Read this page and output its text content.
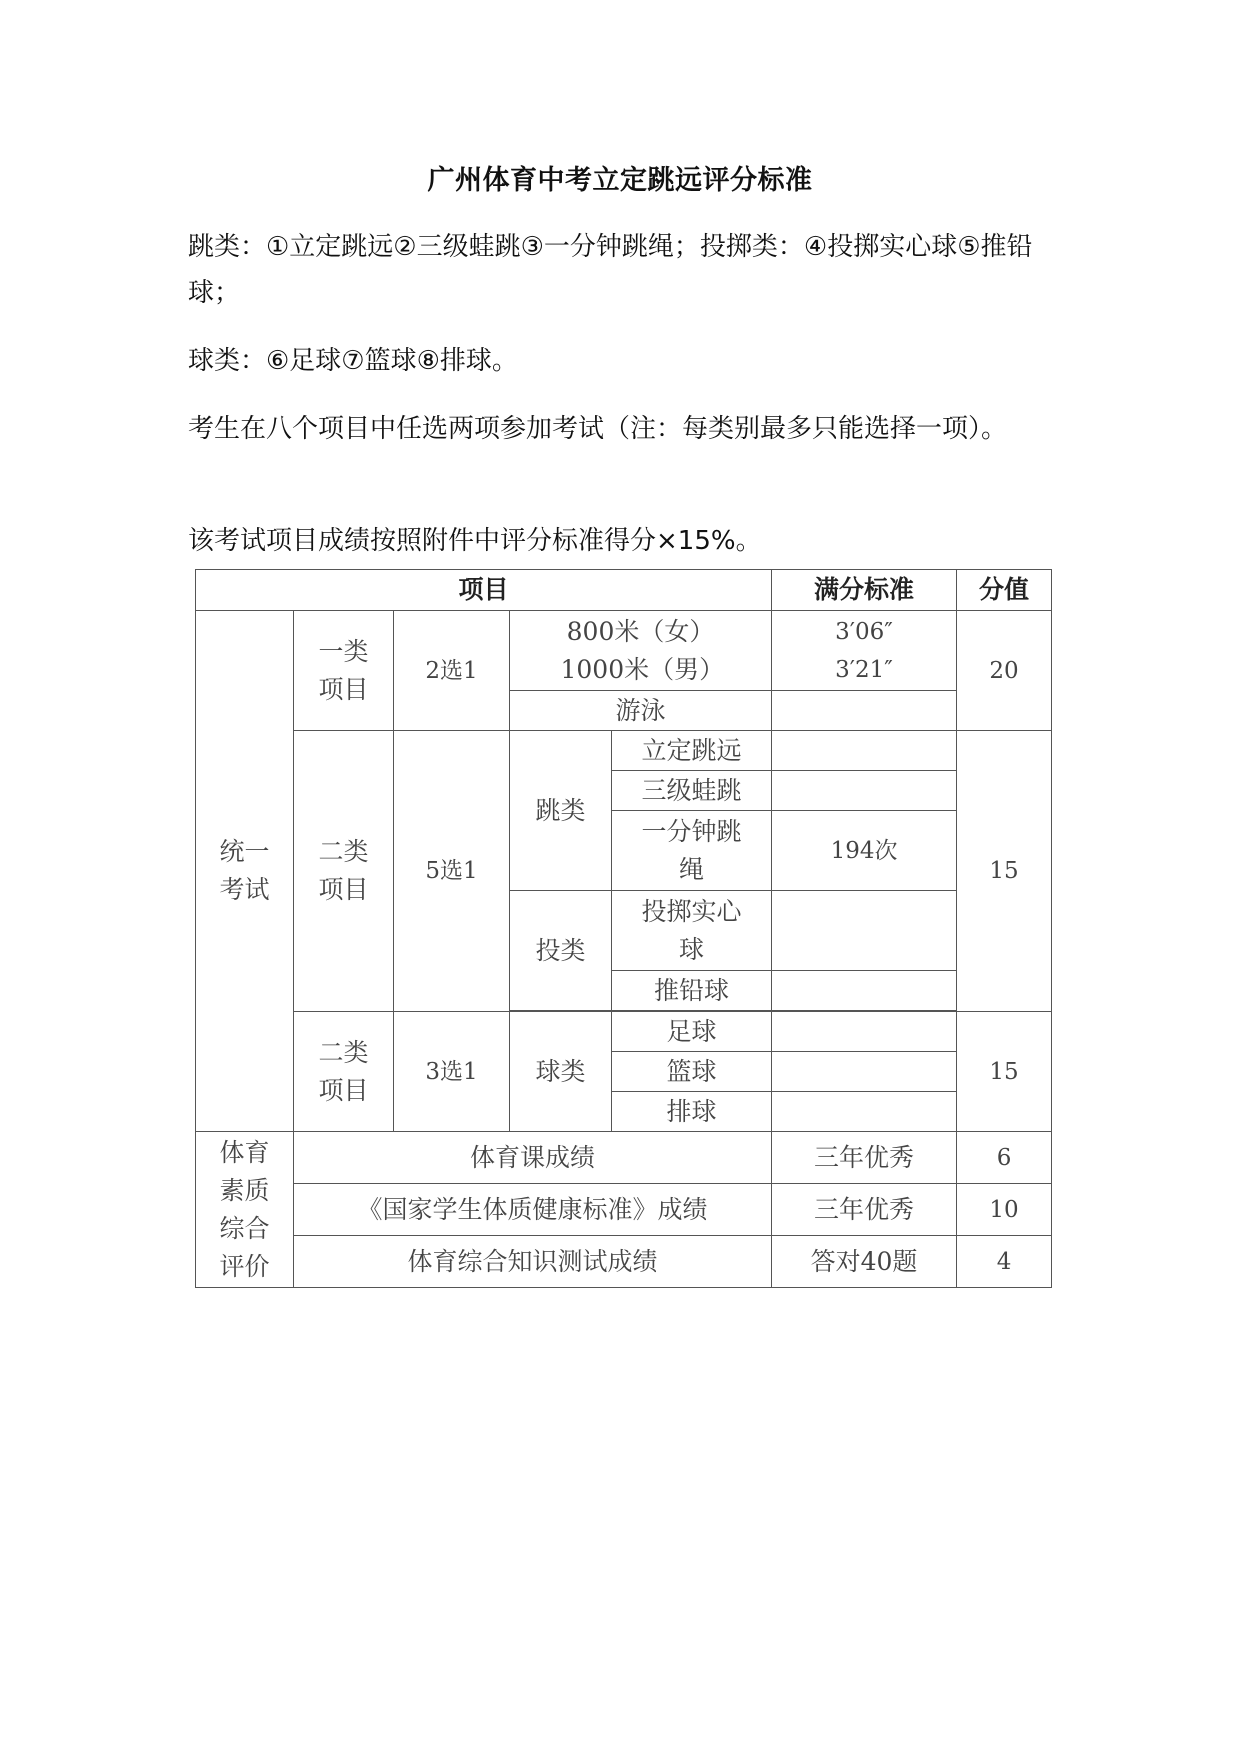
广州体育中考立定跳远评分标准
跳类：①立定跳远②三级蛙跳③一分钟跳绳；投掷类：④投掷实心球⑤推铅球；
球类：⑥足球⑦篮球⑧排球。
考生在八个项目中任选两项参加考试（注：每类别最多只能选择一项）。
该考试项目成绩按照附件中评分标准得分×15%。
项目					满分标准	分值
统一考试	一类项目	2选1	800米（女）1000米（男）		3′06″ 3′21″	20
			游泳			
	二类项目	5选1	跳类	立定跳远		15
				三级蛙跳		
				一分钟跳绳	194次	
			投类	投掷实心球		
				推铅球		

	二类项目	3选1	球类	足球		15
				篮球		
				排球		
体育素质综合评价	体育课成绩				三年优秀	6
	《国家学生体质健康标准》成绩				三年优秀	10
	体育综合知识测试成绩				答对40题	4
